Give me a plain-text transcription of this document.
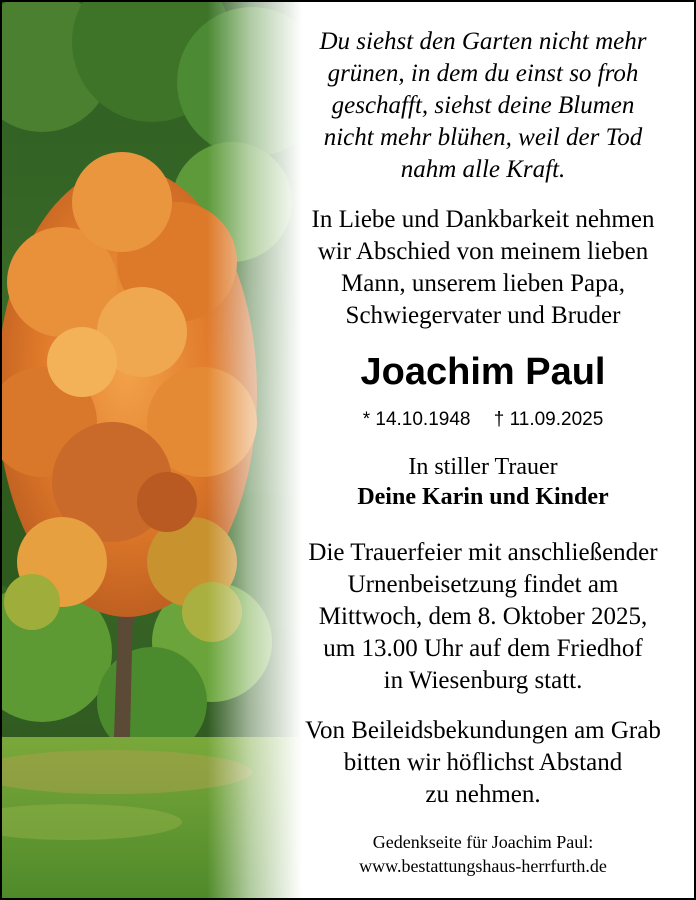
Du siehst den Garten nicht mehr
grünen, in dem du einst so froh
geschafft, siehst deine Blumen
nicht mehr blühen, weil der Tod
nahm alle Kraft.
In Liebe und Dankbarkeit nehmen
wir Abschied von meinem lieben
Mann, unserem lieben Papa,
Schwiegervater und Bruder
Joachim Paul
* 14.10.1948 † 11.09.2025
In stiller Trauer
Deine Karin und Kinder
Die Trauerfeier mit anschließender
Urnenbeisetzung findet am
Mittwoch, dem 8. Oktober 2025,
um 13.00 Uhr auf dem Friedhof
in Wiesenburg statt.
Von Beileidsbekundungen am Grab
bitten wir höflichst Abstand
zu nehmen.
Gedenkseite für Joachim Paul:
www.bestattungshaus-herrfurth.de
